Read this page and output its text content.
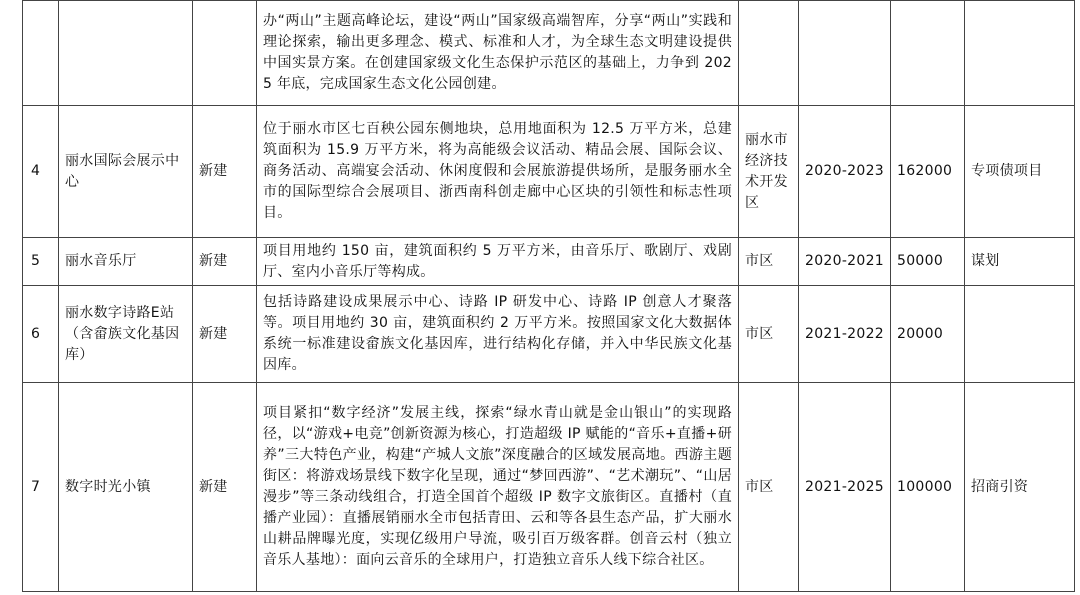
			办“两山”主题高峰论坛，建设“两山”国家级高端智库，分享“两山”实践和理论探索，输出更多理念、模式、标准和人才，为全球生态文明建设提供中国实景方案。在创建国家级文化生态保护示范区的基础上，力争到 2025 年底，完成国家生态文化公园创建。				
4	丽水国际会展示中心	新建	位于丽水市区七百秧公园东侧地块，总用地面积为 12.5 万平方米，总建筑面积为 15.9 万平方米，将为高能级会议活动、精品会展、国际会议、商务活动、高端宴会活动、休闲度假和会展旅游提供场所，是服务丽水全市的国际型综合会展项目、浙西南科创走廊中心区块的引领性和标志性项目。	丽水市经济技术开发区	2020-2023	162000	专项债项目
5	丽水音乐厅	新建	项目用地约 150 亩，建筑面积约 5 万平方米，由音乐厅、歌剧厅、戏剧厅、室内小音乐厅等构成。	市区	2020-2021	50000	谋划
6	丽水数字诗路E站（含畲族文化基因库）	新建	包括诗路建设成果展示中心、诗路 IP 研发中心、诗路 IP 创意人才聚落等。项目用地约 30 亩，建筑面积约 2 万平方米。按照国家文化大数据体系统一标准建设畲族文化基因库，进行结构化存储，并入中华民族文化基因库。	市区	2021-2022	20000	
7	数字时光小镇	新建	项目紧扣“数字经济”发展主线，探索“绿水青山就是金山银山”的实现路径，以“游戏+电竞”创新资源为核心，打造超级 IP 赋能的“音乐+直播+研养”三大特色产业，构建“产城人文旅”深度融合的区域发展高地。西游主题街区：将游戏场景线下数字化呈现，通过“梦回西游”、“艺术潮玩”、“山居漫步”等三条动线组合，打造全国首个超级 IP 数字文旅街区。直播村（直播产业园）：直播展销丽水全市包括青田、云和等各县生态产品，扩大丽水山耕品牌曝光度，实现亿级用户导流，吸引百万级客群。创音云村（独立音乐人基地）：面向云音乐的全球用户，打造独立音乐人线下综合社区。	市区	2021-2025	100000	招商引资
